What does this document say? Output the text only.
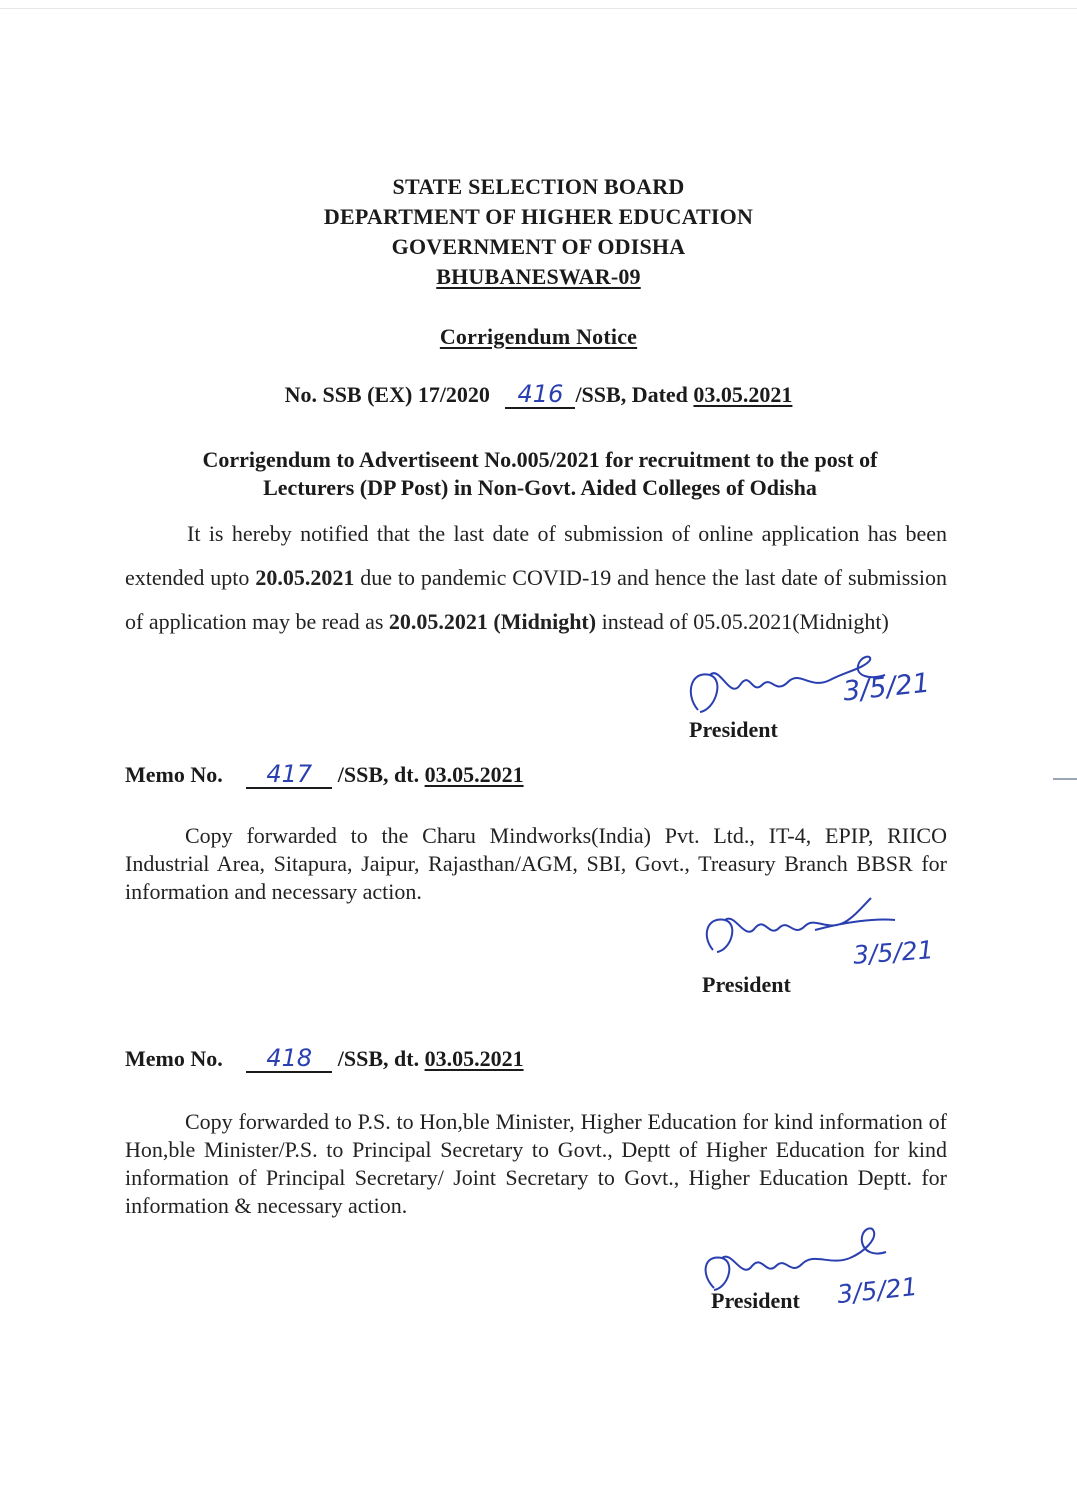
STATE SELECTION BOARD
DEPARTMENT OF HIGHER EDUCATION
GOVERNMENT OF ODISHA
BHUBANESWAR-09
Corrigendum Notice
No. SSB (EX) 17/2020 416 /SSB, Dated 03.05.2021
Corrigendum to Advertiseent No.005/2021 for recruitment to the post of
Lecturers (DP Post) in Non-Govt. Aided Colleges of Odisha
It is hereby notified that the last date of submission of online application has been extended upto 20.05.2021 due to pandemic COVID-19 and hence the last date of submission of application may be read as 20.05.2021 (Midnight) instead of 05.05.2021(Midnight)
3/5/21
President
Memo No. 417 /SSB, dt. 03.05.2021
Copy forwarded to the Charu Mindworks(India) Pvt. Ltd., IT-4, EPIP, RIICO Industrial Area, Sitapura, Jaipur, Rajasthan/AGM, SBI, Govt., Treasury Branch BBSR for information and necessary action.
3/5/21
President
Memo No. 418 /SSB, dt. 03.05.2021
Copy forwarded to P.S. to Hon,ble Minister, Higher Education for kind information of Hon,ble Minister/P.S. to Principal Secretary to Govt., Deptt of Higher Education for kind information of Principal Secretary/ Joint Secretary to Govt., Higher Education Deptt. for information & necessary action.
3/5/21
President
